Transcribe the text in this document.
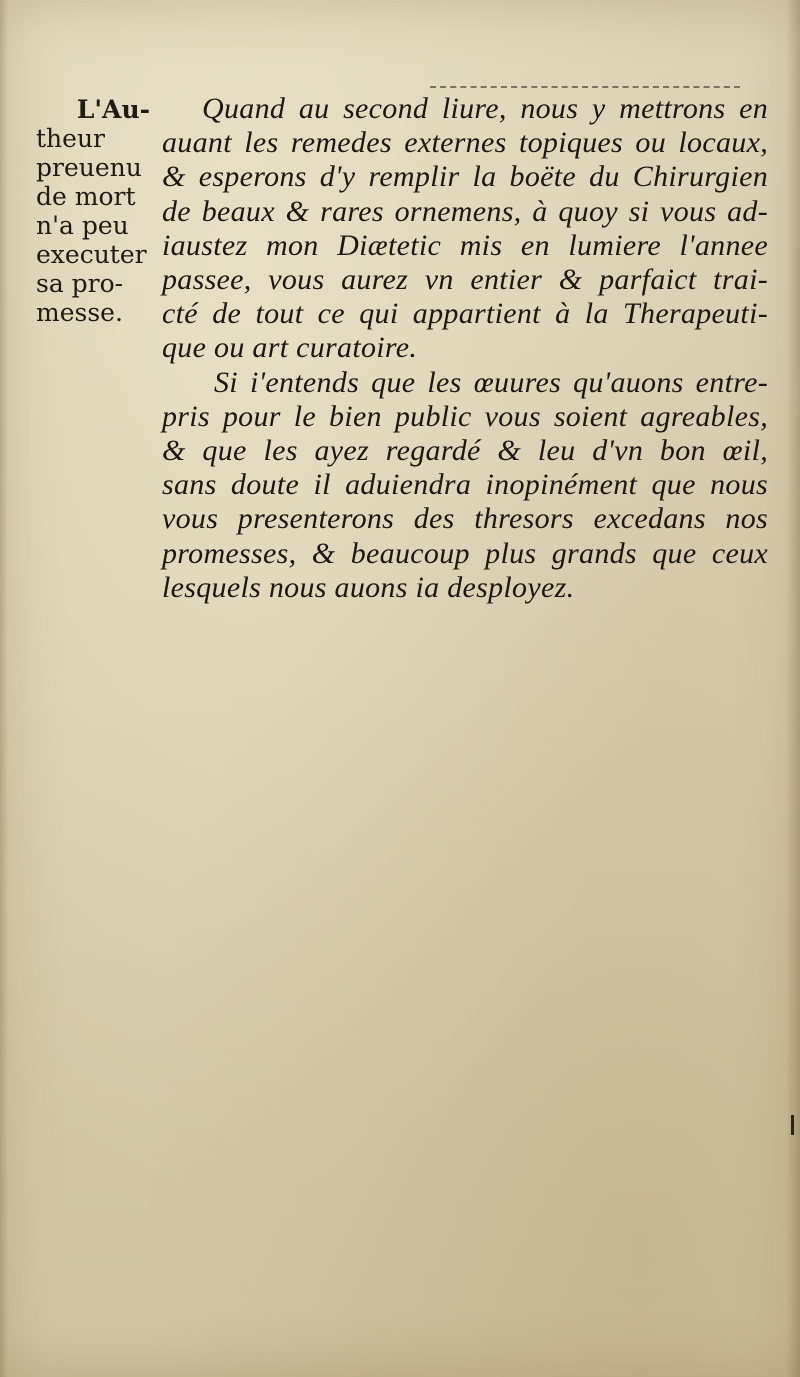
L'Au-
theur
preuenu
de mort
n'a peu
executer
sa pro-
messe.
Quand au second liure, nous y mettrons en
auant les remedes externes topiques ou locaux,
& esperons d'y remplir la boëte du Chirurgien
de beaux & rares ornemens, à quoy si vous ad-
iaustez mon Diætetic mis en lumiere l'annee
passee, vous aurez vn entier & parfaict trai-
cté de tout ce qui appartient à la Therapeuti-
que ou art curatoire.
Si i'entends que les œuures qu'auons entre-
pris pour le bien public vous soient agreables,
& que les ayez regardé & leu d'vn bon œil,
sans doute il aduiendra inopinément que nous
vous presenterons des thresors excedans nos
promesses, & beaucoup plus grands que ceux
lesquels nous auons ia desployez.
